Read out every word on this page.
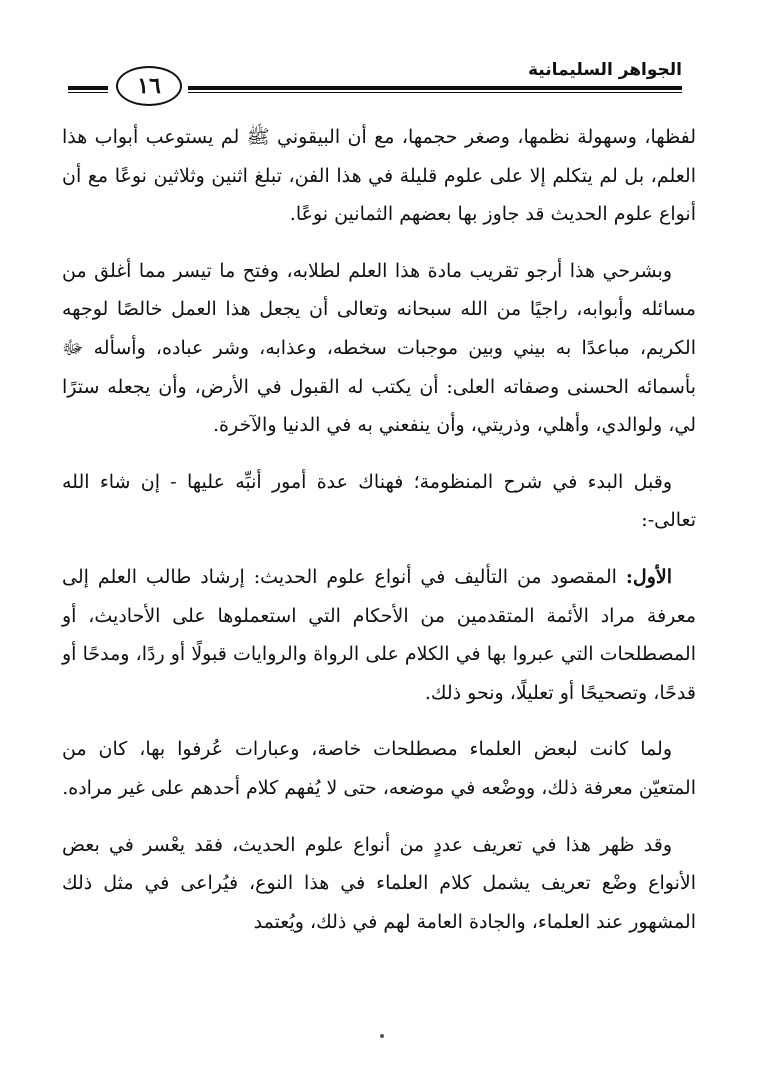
١٦
الجواهر السليمانية

لفظها، وسهولة نظمها، وصغر حجمها، مع أن البيقوني ﷺ لم يستوعب أبواب هذا العلم، بل لم يتكلم إلا على علوم قليلة في هذا الفن، تبلغ اثنين وثلاثين نوعًا مع أن أنواع علوم الحديث قد جاوز بها بعضهم الثمانين نوعًا.

وبشرحي هذا أرجو تقريب مادة هذا العلم لطلابه، وفتح ما تيسر مما أغلق من مسائله وأبوابه، راجيًا من الله سبحانه وتعالى أن يجعل هذا العمل خالصًا لوجهه الكريم، مباعدًا به بيني وبين موجبات سخطه، وعذابه، وشر عباده، وأسأله ﷻ بأسمائه الحسنى وصفاته العلى: أن يكتب له القبول في الأرض، وأن يجعله سترًا لي، ولوالدي، وأهلي، وذريتي، وأن ينفعني به في الدنيا والآخرة.

وقبل البدء في شرح المنظومة؛ فهناك عدة أمور أنبِّه عليها - إن شاء الله تعالى-:

الأول: المقصود من التأليف في أنواع علوم الحديث: إرشاد طالب العلم إلى معرفة مراد الأئمة المتقدمين من الأحكام التي استعملوها على الأحاديث، أو المصطلحات التي عبروا بها في الكلام على الرواة والروايات قبولًا أو ردًا، ومدحًا أو قدحًا، وتصحيحًا أو تعليلًا، ونحو ذلك.

ولما كانت لبعض العلماء مصطلحات خاصة، وعبارات عُرفوا بها، كان من المتعيّن معرفة ذلك، ووضْعه في موضعه، حتى لا يُفهم كلام أحدهم على غير مراده.

وقد ظهر هذا في تعريف عددٍ من أنواع علوم الحديث، فقد يعْسر في بعض الأنواع وضْع تعريف يشمل كلام العلماء في هذا النوع، فيُراعى في مثل ذلك المشهور عند العلماء، والجادة العامة لهم في ذلك، ويُعتمد
